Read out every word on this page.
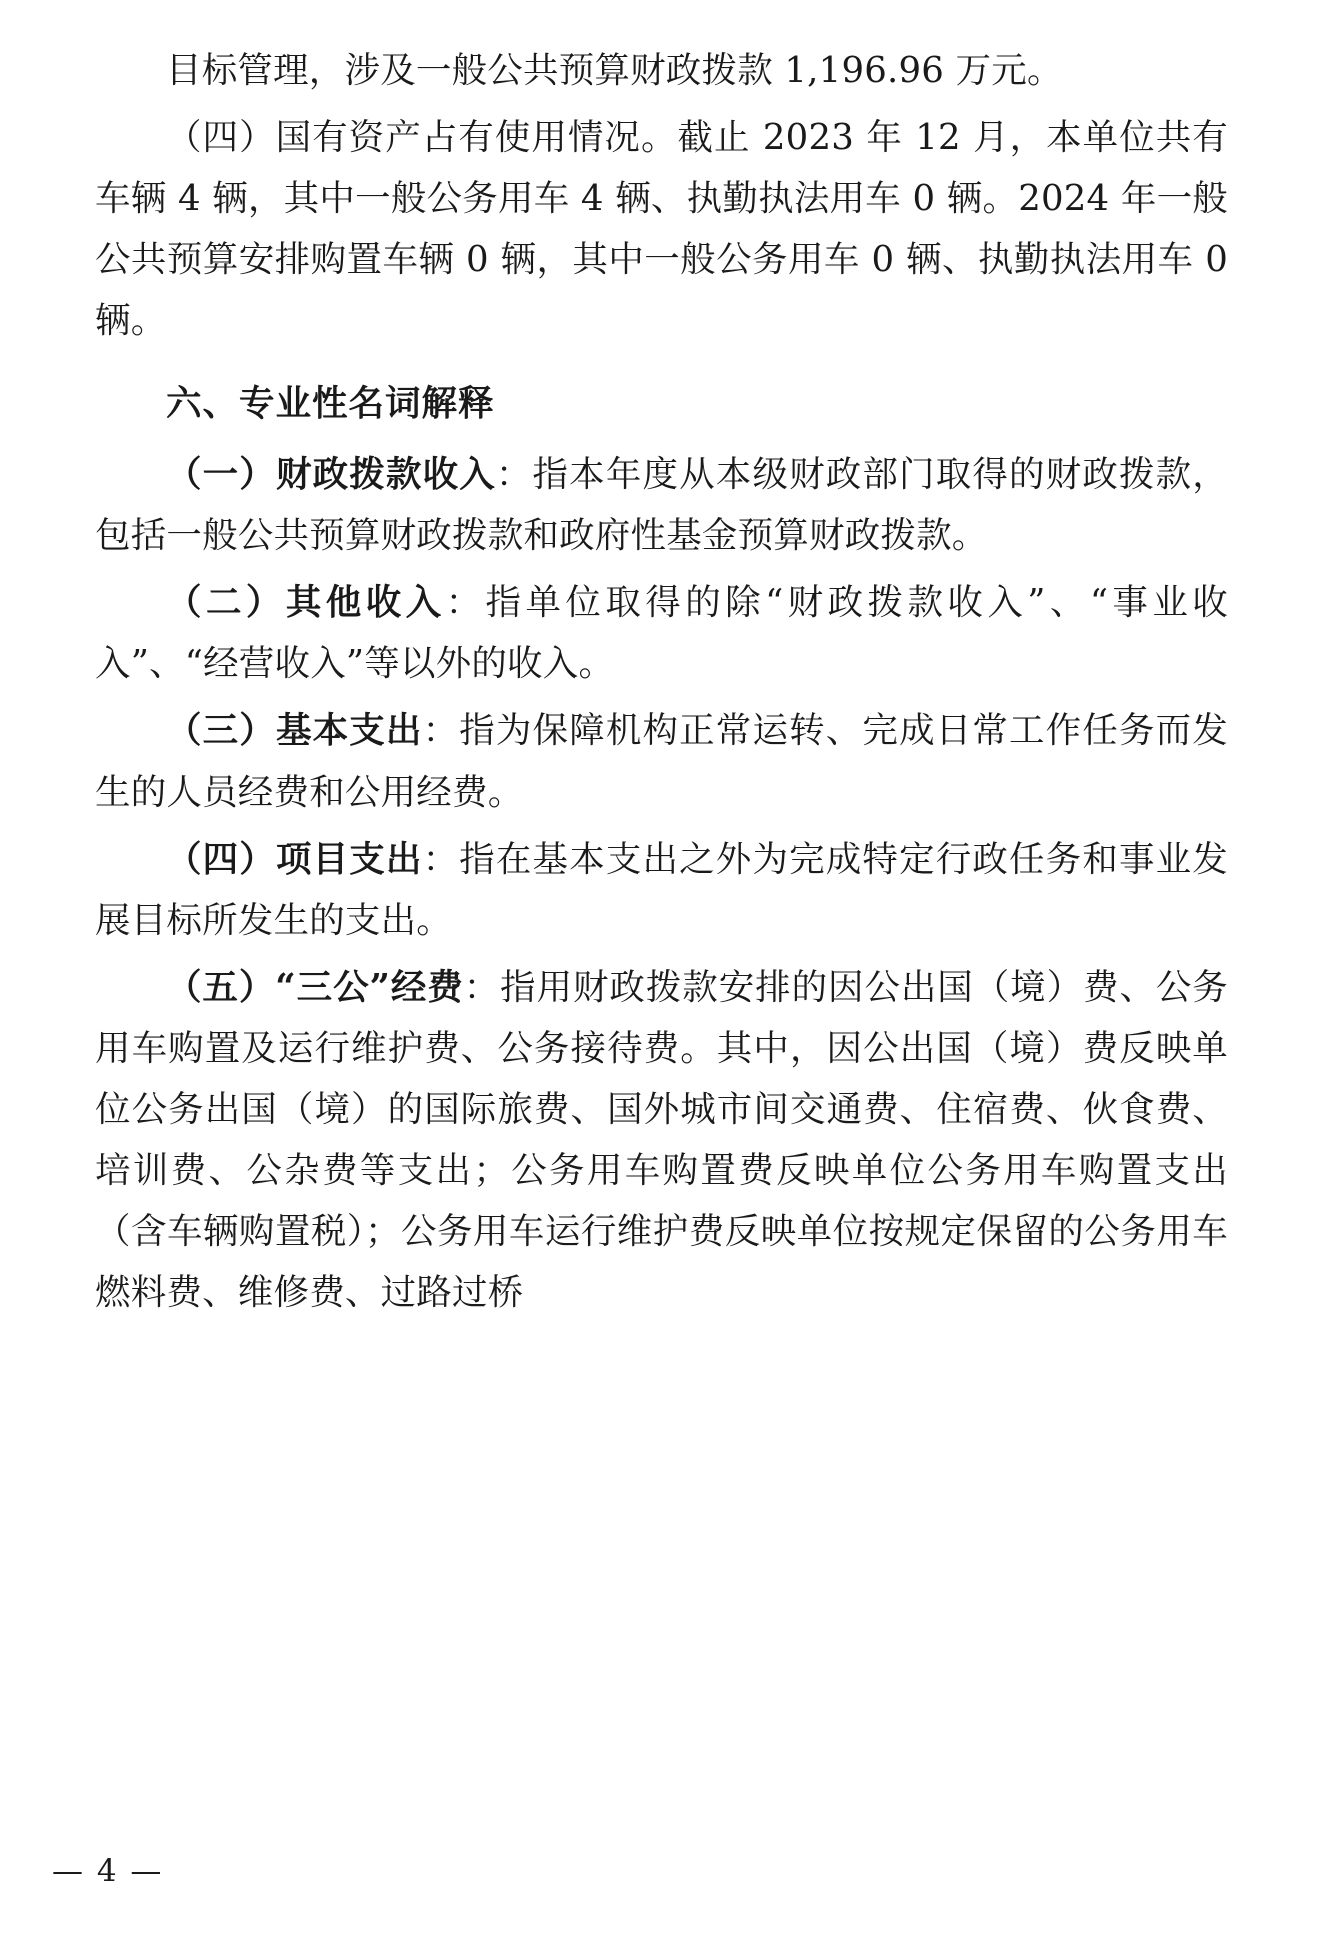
目标管理，涉及一般公共预算财政拨款 1,196.96 万元。

（四）国有资产占有使用情况。截止 2023 年 12 月，本单位共有车辆 4 辆，其中一般公务用车 4 辆、执勤执法用车 0 辆。2024 年一般公共预算安排购置车辆 0 辆，其中一般公务用车 0 辆、执勤执法用车 0 辆。

六、专业性名词解释

（一）财政拨款收入：指本年度从本级财政部门取得的财政拨款，包括一般公共预算财政拨款和政府性基金预算财政拨款。

（二）其他收入：指单位取得的除“财政拨款收入”、“事业收入”、“经营收入”等以外的收入。

（三）基本支出：指为保障机构正常运转、完成日常工作任务而发生的人员经费和公用经费。

（四）项目支出：指在基本支出之外为完成特定行政任务和事业发展目标所发生的支出。

（五）“三公”经费：指用财政拨款安排的因公出国（境）费、公务用车购置及运行维护费、公务接待费。其中，因公出国（境）费反映单位公务出国（境）的国际旅费、国外城市间交通费、住宿费、伙食费、培训费、公杂费等支出；公务用车购置费反映单位公务用车购置支出（含车辆购置税）；公务用车运行维护费反映单位按规定保留的公务用车燃料费、维修费、过路过桥

— 4 —
